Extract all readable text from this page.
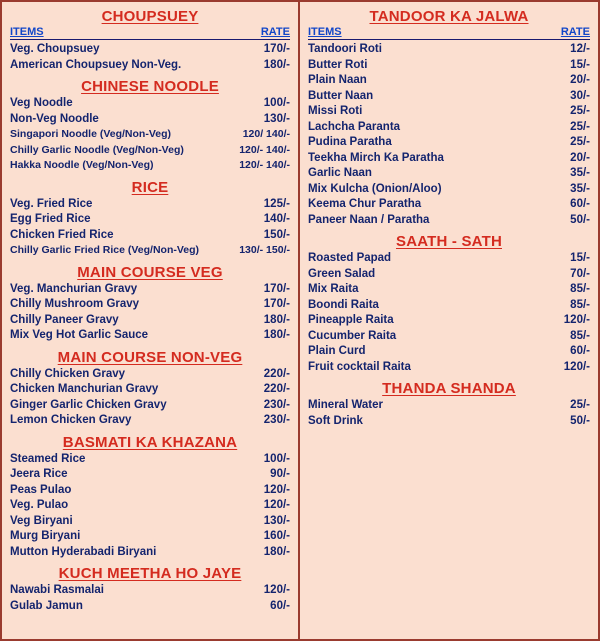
CHOUPSUEY
ITEMS	RATE
Veg. Choupsuey	170/-
American Choupsuey Non-Veg.	180/-
CHINESE NOODLE
Veg Noodle	100/-
Non-Veg Noodle	130/-
Singapori Noodle (Veg/Non-Veg)	120/ 140/-
Chilly Garlic Noodle (Veg/Non-Veg)	120/- 140/-
Hakka Noodle (Veg/Non-Veg)	120/- 140/-
RICE
Veg. Fried Rice	125/-
Egg Fried Rice	140/-
Chicken Fried Rice	150/-
Chilly Garlic Fried Rice (Veg/Non-Veg)	130/- 150/-
MAIN COURSE VEG
Veg. Manchurian Gravy	170/-
Chilly Mushroom Gravy	170/-
Chilly Paneer Gravy	180/-
Mix Veg Hot Garlic Sauce	180/-
MAIN COURSE NON-VEG
Chilly Chicken Gravy	220/-
Chicken Manchurian Gravy	220/-
Ginger Garlic Chicken Gravy	230/-
Lemon Chicken Gravy	230/-
BASMATI KA KHAZANA
Steamed Rice	100/-
Jeera Rice	90/-
Peas Pulao	120/-
Veg. Pulao	120/-
Veg Biryani	130/-
Murg Biryani	160/-
Mutton Hyderabadi Biryani	180/-
KUCH MEETHA HO JAYE
Nawabi Rasmalai	120/-
Gulab Jamun	60/-
TANDOOR KA JALWA
ITEMS	RATE
Tandoori Roti	12/-
Butter Roti	15/-
Plain Naan	20/-
Butter Naan	30/-
Missi Roti	25/-
Lachcha Paranta	25/-
Pudina Paratha	25/-
Teekha Mirch Ka Paratha	20/-
Garlic Naan	35/-
Mix Kulcha (Onion/Aloo)	35/-
Keema Chur Paratha	60/-
Paneer Naan / Paratha	50/-
SAATH - SATH
Roasted Papad	15/-
Green Salad	70/-
Mix Raita	85/-
Boondi Raita	85/-
Pineapple Raita	120/-
Cucumber Raita	85/-
Plain Curd	60/-
Fruit cocktail Raita	120/-
THANDA SHANDA
Mineral Water	25/-
Soft Drink	50/-
